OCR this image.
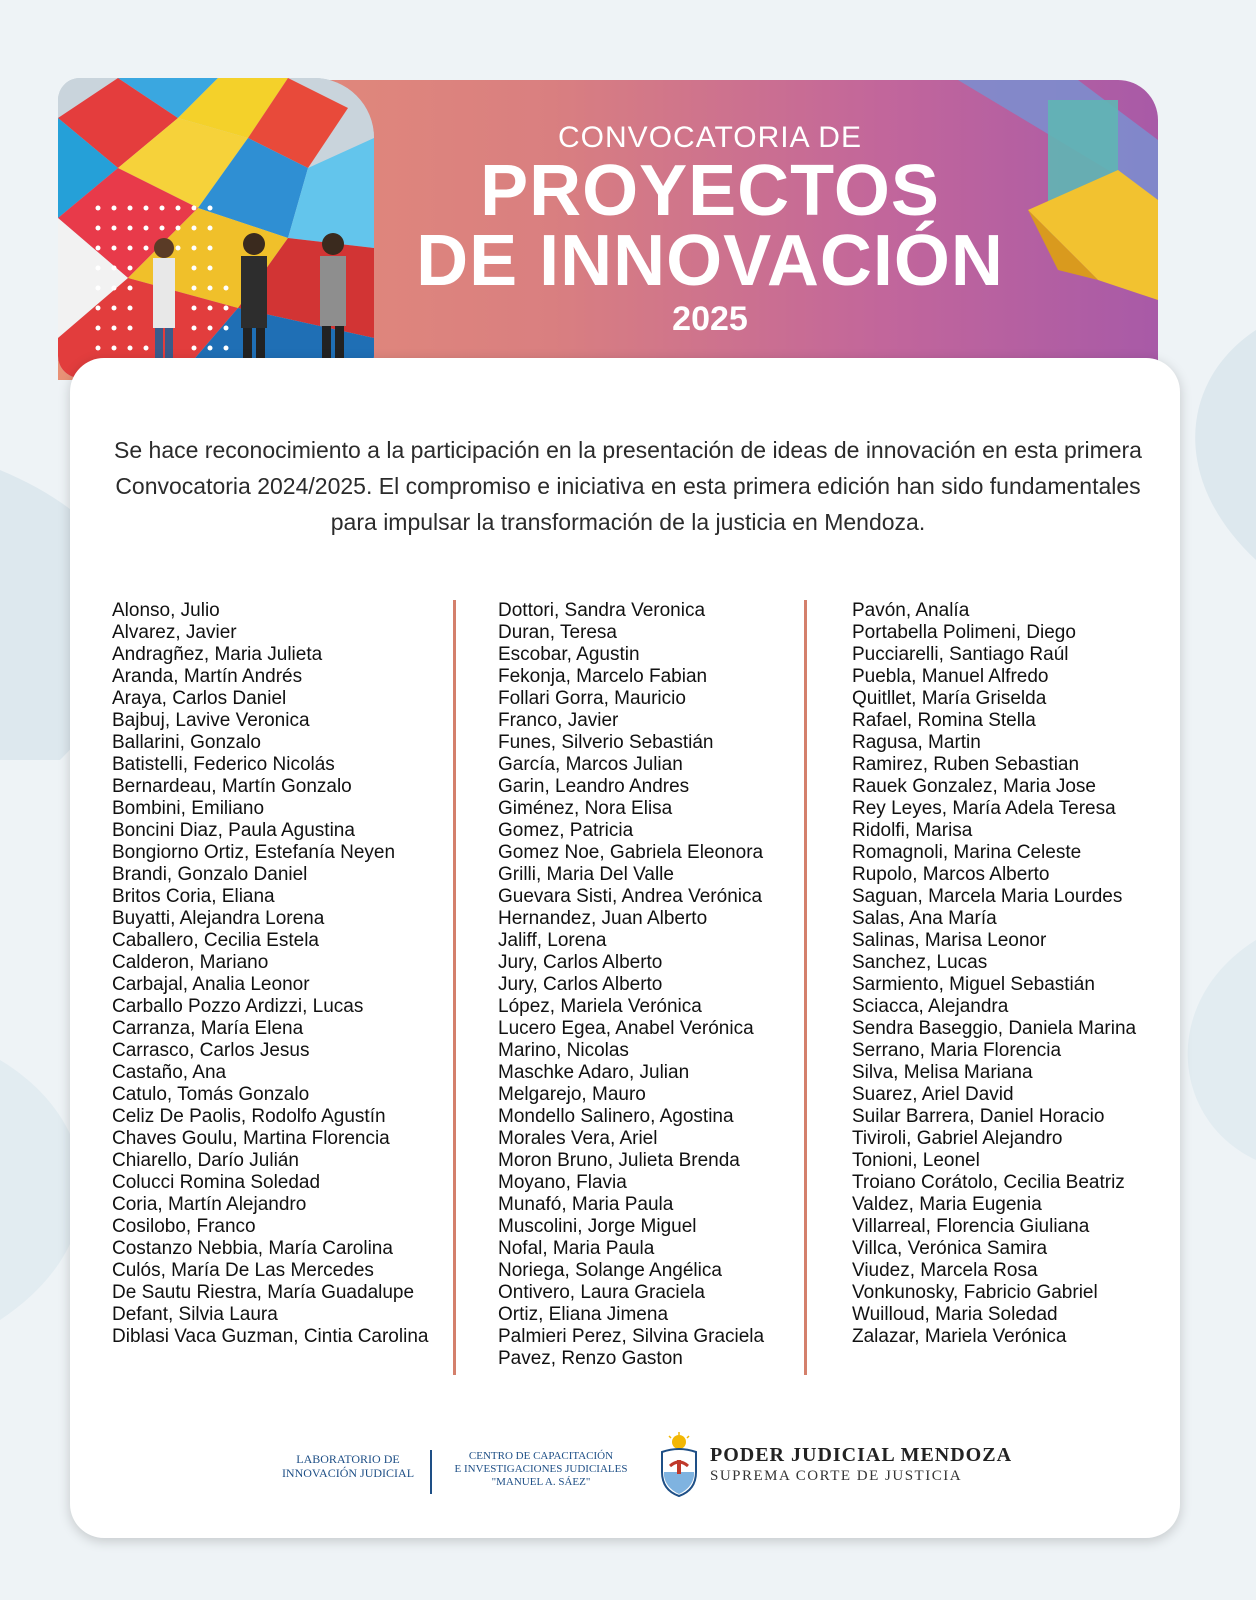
CONVOCATORIA DE
PROYECTOS
DE INNOVACIÓN
2025

Se hace reconocimiento a la participación en la presentación de ideas de innovación en esta primera Convocatoria 2024/2025. El compromiso e iniciativa en esta primera edición han sido fundamentales para impulsar la transformación de la justicia en Mendoza.

Alonso, Julio
Alvarez, Javier
Andragñez, Maria Julieta
Aranda, Martín Andrés
Araya, Carlos Daniel
Bajbuj, Lavive Veronica
Ballarini, Gonzalo
Batistelli, Federico Nicolás
Bernardeau, Martín Gonzalo
Bombini, Emiliano
Boncini Diaz, Paula Agustina
Bongiorno Ortiz, Estefanía Neyen
Brandi, Gonzalo Daniel
Britos Coria, Eliana
Buyatti, Alejandra Lorena
Caballero, Cecilia Estela
Calderon, Mariano
Carbajal, Analia Leonor
Carballo Pozzo Ardizzi, Lucas
Carranza, María Elena
Carrasco, Carlos Jesus
Castaño, Ana
Catulo, Tomás Gonzalo
Celiz De Paolis, Rodolfo Agustín
Chaves Goulu, Martina Florencia
Chiarello, Darío Julián
Colucci Romina Soledad
Coria, Martín Alejandro
Cosilobo, Franco
Costanzo Nebbia, María Carolina
Culós, María De Las Mercedes
De Sautu Riestra, María Guadalupe
Defant, Silvia Laura
Diblasi Vaca Guzman, Cintia Carolina
Dottori, Sandra Veronica
Duran, Teresa
Escobar, Agustin
Fekonja, Marcelo Fabian
Follari Gorra, Mauricio
Franco, Javier
Funes, Silverio Sebastián
García, Marcos Julian
Garin, Leandro Andres
Giménez, Nora Elisa
Gomez, Patricia
Gomez Noe, Gabriela Eleonora
Grilli, Maria Del Valle
Guevara Sisti, Andrea Verónica
Hernandez, Juan Alberto
Jaliff, Lorena
Jury, Carlos Alberto
Jury, Carlos Alberto
López, Mariela Verónica
Lucero Egea, Anabel Verónica
Marino, Nicolas
Maschke Adaro, Julian
Melgarejo, Mauro
Mondello Salinero, Agostina
Morales Vera, Ariel
Moron Bruno, Julieta Brenda
Moyano, Flavia
Munafó, Maria Paula
Muscolini, Jorge Miguel
Nofal, Maria Paula
Noriega, Solange Angélica
Ontivero, Laura Graciela
Ortiz, Eliana Jimena
Palmieri Perez, Silvina Graciela
Pavez, Renzo Gaston
Pavón, Analía
Portabella Polimeni, Diego
Pucciarelli, Santiago Raúl
Puebla, Manuel Alfredo
Quitllet, María Griselda
Rafael, Romina Stella
Ragusa, Martin
Ramirez, Ruben Sebastian
Rauek Gonzalez, Maria Jose
Rey Leyes, María Adela Teresa
Ridolfi, Marisa
Romagnoli, Marina Celeste
Rupolo, Marcos Alberto
Saguan, Marcela Maria Lourdes
Salas, Ana María
Salinas, Marisa Leonor
Sanchez, Lucas
Sarmiento, Miguel Sebastián
Sciacca, Alejandra
Sendra Baseggio, Daniela Marina
Serrano, Maria Florencia
Silva, Melisa Mariana
Suarez, Ariel David
Suilar Barrera, Daniel Horacio
Tiviroli, Gabriel Alejandro
Tonioni, Leonel
Troiano Corátolo, Cecilia Beatriz
Valdez, Maria Eugenia
Villarreal, Florencia Giuliana
Villca, Verónica Samira
Viudez, Marcela Rosa
Vonkunosky, Fabricio Gabriel
Wuilloud, Maria Soledad
Zalazar, Mariela Verónica
LABORATORIO DE
INNOVACIÓN JUDICIAL
CENTRO DE CAPACITACIÓN
E INVESTIGACIONES JUDICIALES
"MANUEL A. SÁEZ"
PODER JUDICIAL MENDOZA
SUPREMA CORTE DE JUSTICIA
